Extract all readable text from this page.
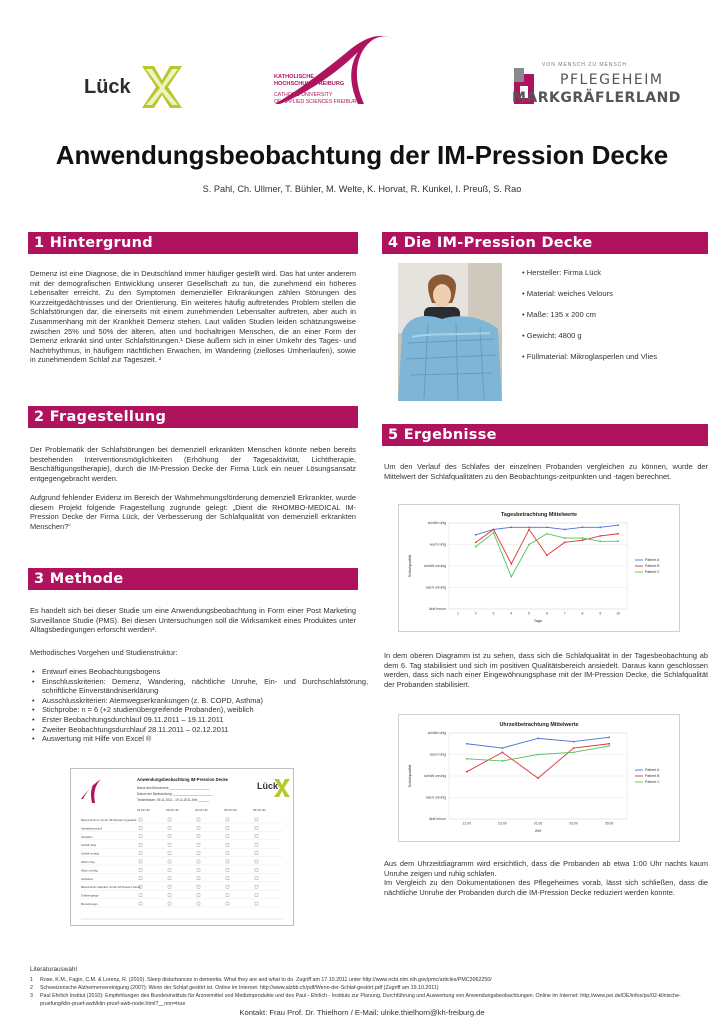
Lück	KATHOLISCHE
HOCHSCHULE FREIBURG
CATHOLIC UNIVERSITY
OF APPLIED SCIENCES FREIBURG
VON MENSCH ZU MENSCH
PFLEGEHEIM
MARKGRÄFLERLAND
Anwendungsbeobachtung der IM-Pression Decke
S. Pahl, Ch. Ullmer, T. Bühler, M. Welte, K. Horvat, R. Kunkel, I. Preuß, S. Rao
1 Hintergrund

Demenz ist eine Diagnose, die in Deutschland immer häufiger gestellt wird. Das hat unter anderem mit der demografischen Entwicklung unserer Gesellschaft zu tun, die zunehmend ein höheres Lebensalter erreicht. Zu den Symptomen demenzieller Erkrankungen zählen Störungen des Kurzzeitgedächtnisses und der Orientierung. Ein weiteres häufig auftretendes Problem stellen die Schlafstörungen dar, die einerseits mit einem zunehmenden Lebensalter auftreten, aber auch in Zusammenhang mit der Krankheit Demenz stehen. Laut validen Studien leiden schätzungsweise zwischen 25% und 50% der älteren, alten und hochaltrigen Menschen, die an einer Form der Demenz erkrankt sind unter Schlafstörungen.¹ Diese äußern sich in einer Umkehr des Tages- und Nachtrhythmus, in häufigem nächtlichen Erwachen, im Wandering (zielloses Umherlaufen), sowie in zunehmendem Schlaf zur Tageszeit. ²

2 Fragestellung

Der Problematik der Schlafstörungen bei demenziell erkrankten Menschen könnte neben bereits bestehenden Interventionsmöglichkeiten (Erhöhung der Tagesaktivität, Lichttherapie, Beschäftigungstherapie), durch die IM-Pression Decke der Firma Lück ein neuer Lösungsansatz entgegengebracht werden.

Aufgrund fehlender Evidenz im Bereich der Wahrnehmungsförderung demenziell Erkrankter, wurde diesem Projekt folgende Fragestellung zugrunde gelegt: „Dient die RHOMBO-MEDICAL IM-Pression Decke der Firma Lück, der Verbesserung der Schlafqualität von demenziell erkrankten Menschen?“

3 Methode

Es handelt sich bei dieser Studie um eine Anwendungsbeobachtung in Form einer Post Marketing Surveillance Studie (PMS). Bei diesen Untersuchungen soll die Wirksamkeit eines Produktes unter Alltagsbedingungen erforscht werden³.

Methodisches Vorgehen und Studienstruktur:

• Entwurf eines Beobachtungsbogens
• Einschlusskriterien: Demenz, Wandering, nächtliche Unruhe, Ein- und Durchschlafstörung, schriftliche Einverständniserklärung
• Ausschlusskriterien: Atemwegserkrankungen (z. B. COPD, Asthma)
• Stichprobe: n = 6 (+2 studienübergreifende Probanden), weiblich
• Erster Beobachtungsdurchlauf 09.11.2011 – 19.11.2011
• Zweiter Beobachtungsdurchlauf 28.11.2011 – 02.12.2011
• Auswertung mit Hilfe von Excel ®
Anwendungsbeobachtung IM-Pression Decke
Lück
Name des Bewohners: ______________________
Datum der Beobachtung: ______________________
Testzeitraum: 09.11.2011 - 19.11.2011 Zeit: ______
21:00 Uhr	23:00 Uhr	01:00 Uhr	03:00 Uhr	05:00 Uhr
Bewohner/in ist mit der IM-Pression zugedeckt
Aktivitätsprotokoll
Verhalten
Schläft ruhig
Schläft unruhig
Wach ruhig
Wach unruhig
Aufstehen
Bewohner/in zudecken mit der IM-Pression Decke
Toilettengänge
Bemerkungen
4 Die IM-Pression Decke
• Hersteller: Firma Lück
• Material: weiches Velours
• Maße: 135 x 200 cm
• Gewicht: 4800 g
• Füllmaterial: Mikroglasperlen und Vlies
5 Ergebnisse

Um den Verlauf des Schlafes der einzelnen Probanden vergleichen zu können, wurde der Mittelwert der Schlafqualitäten zu den Beobachtungs-zeitpunkten und -tagen berechnet.

Tagesbetrachtung Mittelwerte
schläft ruhig
wach ruhig
schläft unruhig
wach unruhig
läuft herum
1	2	3	4	5	6	7	8	9	10
Tage
Schlafqualität	Patient A
Patient B
Patient C

In dem oberen Diagramm ist zu sehen, dass sich die Schlafqualität in der Tagesbeobachtung ab dem 6. Tag stabilisiert und sich im positiven Qualitätsbereich ansiedelt. Daraus kann geschlossen werden, dass sich nach einer Eingewöhnungsphase mit der IM-Pression Decke, die Schlafqualität der Probanden stabilisiert.

Uhrzeitbetrachtung Mittelwerte
schläft ruhig
wach ruhig
schläft unruhig
wach unruhig
läuft herum
21:00	23:00	01:00	03:00	05:00
Zeit
Schlafqualität	Patient A
Patient B
Patient C

Aus dem Uhrzeitdiagramm wird ersichtlich, dass die Probanden ab etwa 1:00 Uhr nachts kaum Unruhe zeigen und ruhig schlafen.
Im Vergleich zu den Dokumentationen des Pflegeheimes vorab, lässt sich schließen, dass die nächtliche Unruhe der Probanden durch die IM-Pression Decke reduziert werden konnte.

Literaturauswahl
1	Rose, K.M., Fagin, C.M. & Lorenz, R. (2010). Sleep disturbances in dementia. What they are and what to do. Zugriff am 17.10.2011 unter http://www.ncbi.nlm.nih.gov/pmc/articles/PMC3062250/
2	Schweizerische Alzheimervereinigung (2007): Wenn der Schlaf gestört ist. Online im Internet: http://www.alzbb.ch/pdf/Wenn-der-Schlaf-gestört.pdf (Zugriff am 19.10.2011)
3	Paul Ehrlich Institut (2010): Empfehlungen des Bundesinstituts für Arzneimittel und Medizinprodukte und des Paul - Ehrlich - Instituts zur Planung, Durchführung und Auswertung von Anwendungsbeobachtungen. Online im Internet: http://www.pei.de/DE/infos/pu/02-klinische-pruefung/klin-pruef-awb/klin-pruef-awb-node.html?__nnn=true
Kontakt: Frau Prof. Dr. Thielhorn / E-Mail: ulrike.thielhorn@kh-freiburg.de
